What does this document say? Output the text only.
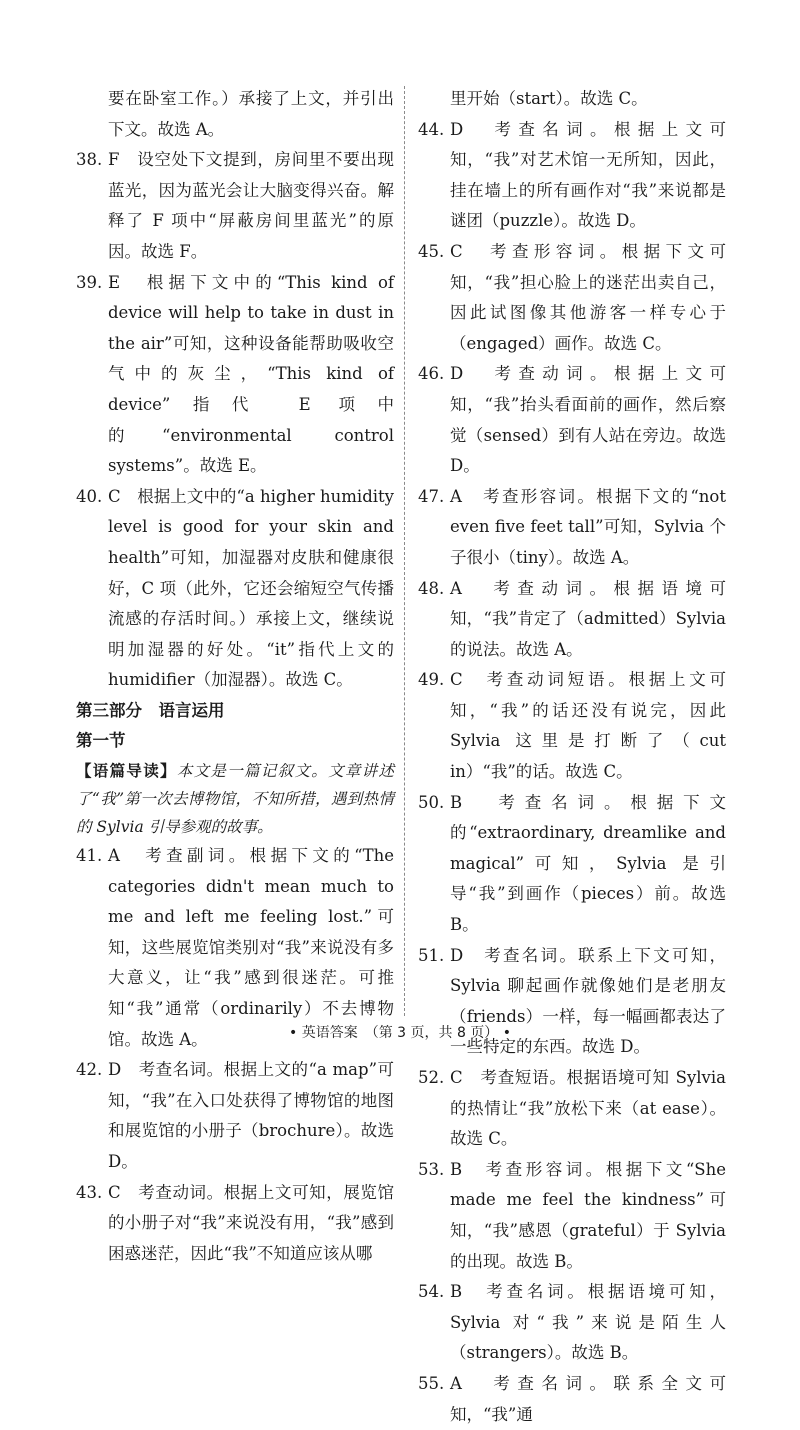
要在卧室工作。）承接了上文，并引出下文。故选 A。

38. F　设空处下文提到，房间里不要出现蓝光，因为蓝光会让大脑变得兴奋。解释了 F 项中“屏蔽房间里蓝光”的原因。故选 F。

39. E　根据下文中的“This kind of device will help to take in dust in the air”可知，这种设备能帮助吸收空气中的灰尘，“This kind of device”指代 E 项中的“environmental control systems”。故选 E。

40. C　根据上文中的“a higher humidity level is good for your skin and health”可知，加湿器对皮肤和健康很好，C 项（此外，它还会缩短空气传播流感的存活时间。）承接上文，继续说明加湿器的好处。“it”指代上文的 humidifier（加湿器）。故选 C。

第三部分　语言运用

第一节

【语篇导读】本文是一篇记叙文。文章讲述了“我”第一次去博物馆，不知所措，遇到热情的 Sylvia 引导参观的故事。

41. A　考查副词。根据下文的“The categories didn't mean much to me and left me feeling lost.”可知，这些展览馆类别对“我”来说没有多大意义，让“我”感到很迷茫。可推知“我”通常（ordinarily）不去博物馆。故选 A。

42. D　考查名词。根据上文的“a map”可知，“我”在入口处获得了博物馆的地图和展览馆的小册子（brochure）。故选 D。

43. C　考查动词。根据上文可知，展览馆的小册子对“我”来说没有用，“我”感到困惑迷茫，因此“我”不知道应该从哪

里开始（start）。故选 C。

44. D　考查名词。根据上文可知，“我”对艺术馆一无所知，因此，挂在墙上的所有画作对“我”来说都是谜团（puzzle）。故选 D。

45. C　考查形容词。根据下文可知，“我”担心脸上的迷茫出卖自己，因此试图像其他游客一样专心于（engaged）画作。故选 C。

46. D　考查动词。根据上文可知，“我”抬头看面前的画作，然后察觉（sensed）到有人站在旁边。故选 D。

47. A　考查形容词。根据下文的“not even five feet tall”可知，Sylvia 个子很小（tiny）。故选 A。

48. A　考查动词。根据语境可知，“我”肯定了（admitted）Sylvia 的说法。故选 A。

49. C　考查动词短语。根据上文可知，“我”的话还没有说完，因此 Sylvia 这里是打断了（cut in）“我”的话。故选 C。

50. B　考查名词。根据下文的“extraordinary, dreamlike and magical”可知，Sylvia 是引导“我”到画作（pieces）前。故选 B。

51. D　考查名词。联系上下文可知，Sylvia 聊起画作就像她们是老朋友（friends）一样，每一幅画都表达了一些特定的东西。故选 D。

52. C　考查短语。根据语境可知 Sylvia 的热情让“我”放松下来（at ease）。故选 C。

53. B　考查形容词。根据下文“She made me feel the kindness”可知，“我”感恩（grateful）于 Sylvia 的出现。故选 B。

54. B　考查名词。根据语境可知，Sylvia 对“我”来说是陌生人（strangers）。故选 B。

55. A　考查名词。联系全文可知，“我”通

• 英语答案　（第 3 页，共 8 页） •
